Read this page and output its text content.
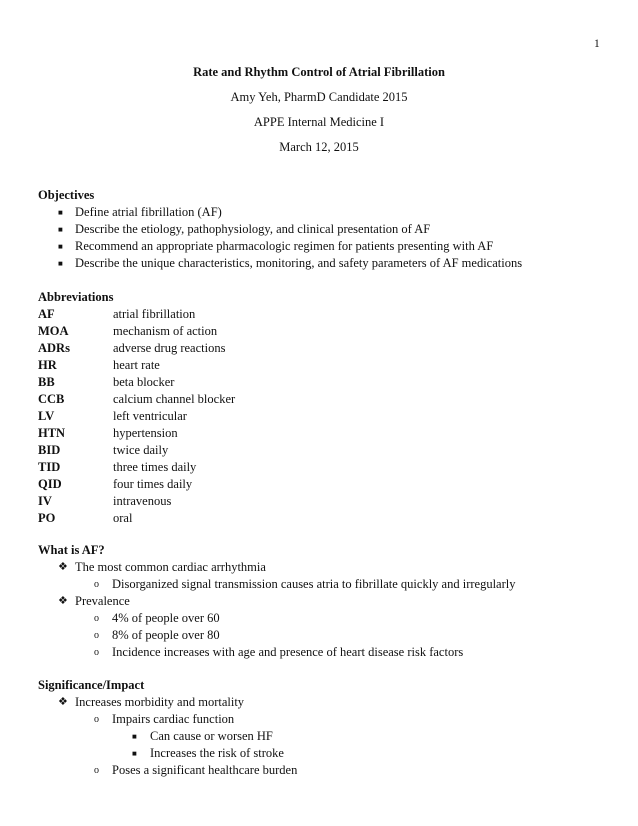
1
Rate and Rhythm Control of Atrial Fibrillation
Amy Yeh, PharmD Candidate 2015
APPE Internal Medicine I
March 12, 2015
Objectives
■ Define atrial fibrillation (AF)
■ Describe the etiology, pathophysiology, and clinical presentation of AF
■ Recommend an appropriate pharmacologic regimen for patients presenting with AF
■ Describe the unique characteristics, monitoring, and safety parameters of AF medications
Abbreviations
AF	atrial fibrillation
MOA	mechanism of action
ADRs	adverse drug reactions
HR	heart rate
BB	beta blocker
CCB	calcium channel blocker
LV	left ventricular
HTN	hypertension
BID	twice daily
TID	three times daily
QID	four times daily
IV	intravenous
PO	oral
What is AF?
❖ The most common cardiac arrhythmia
o Disorganized signal transmission causes atria to fibrillate quickly and irregularly
❖ Prevalence
o 4% of people over 60
o 8% of people over 80
o Incidence increases with age and presence of heart disease risk factors
Significance/Impact
❖ Increases morbidity and mortality
o Impairs cardiac function
■ Can cause or worsen HF
■ Increases the risk of stroke
o Poses a significant healthcare burden
